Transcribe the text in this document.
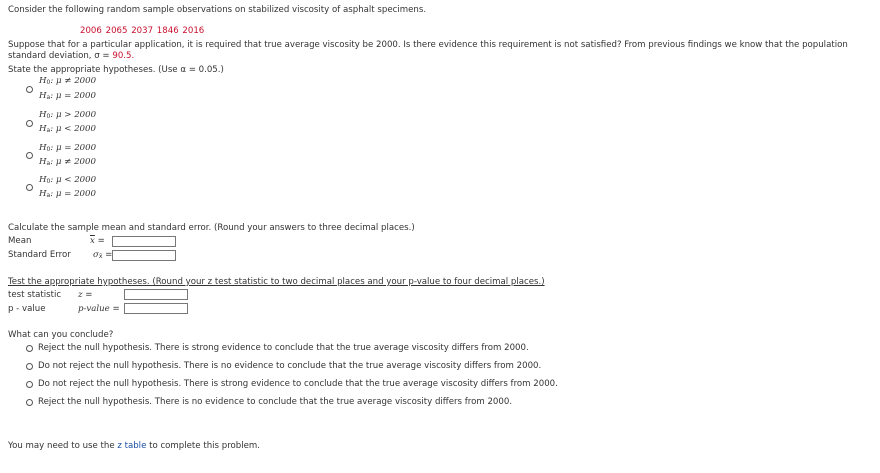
Consider the following random sample observations on stabilized viscosity of asphalt specimens.
2006 2065 2037 1846 2016
Suppose that for a particular application, it is required that true average viscosity be 2000. Is there evidence this requirement is not satisfied? From previous findings we know that the population
standard deviation, σ = 90.5.
State the appropriate hypotheses. (Use α = 0.05.)
H0: μ ≠ 2000
Ha: μ = 2000
H0: μ > 2000
Ha: μ < 2000
H0: μ = 2000
Ha: μ ≠ 2000
H0: μ < 2000
Ha: μ = 2000
Calculate the sample mean and standard error. (Round your answers to three decimal places.)
Mean	$\overline{x}$ =
Standard Error	σx̄ =
Test the appropriate hypotheses. (Round your z test statistic to two decimal places and your p-value to four decimal places.)
test statistic z =
p - value	p-value =
What can you conclude?
Reject the null hypothesis. There is strong evidence to conclude that the true average viscosity differs from 2000.
Do not reject the null hypothesis. There is no evidence to conclude that the true average viscosity differs from 2000.
Do not reject the null hypothesis. There is strong evidence to conclude that the true average viscosity differs from 2000.
Reject the null hypothesis. There is no evidence to conclude that the true average viscosity differs from 2000.
You may need to use the z table to complete this problem.
